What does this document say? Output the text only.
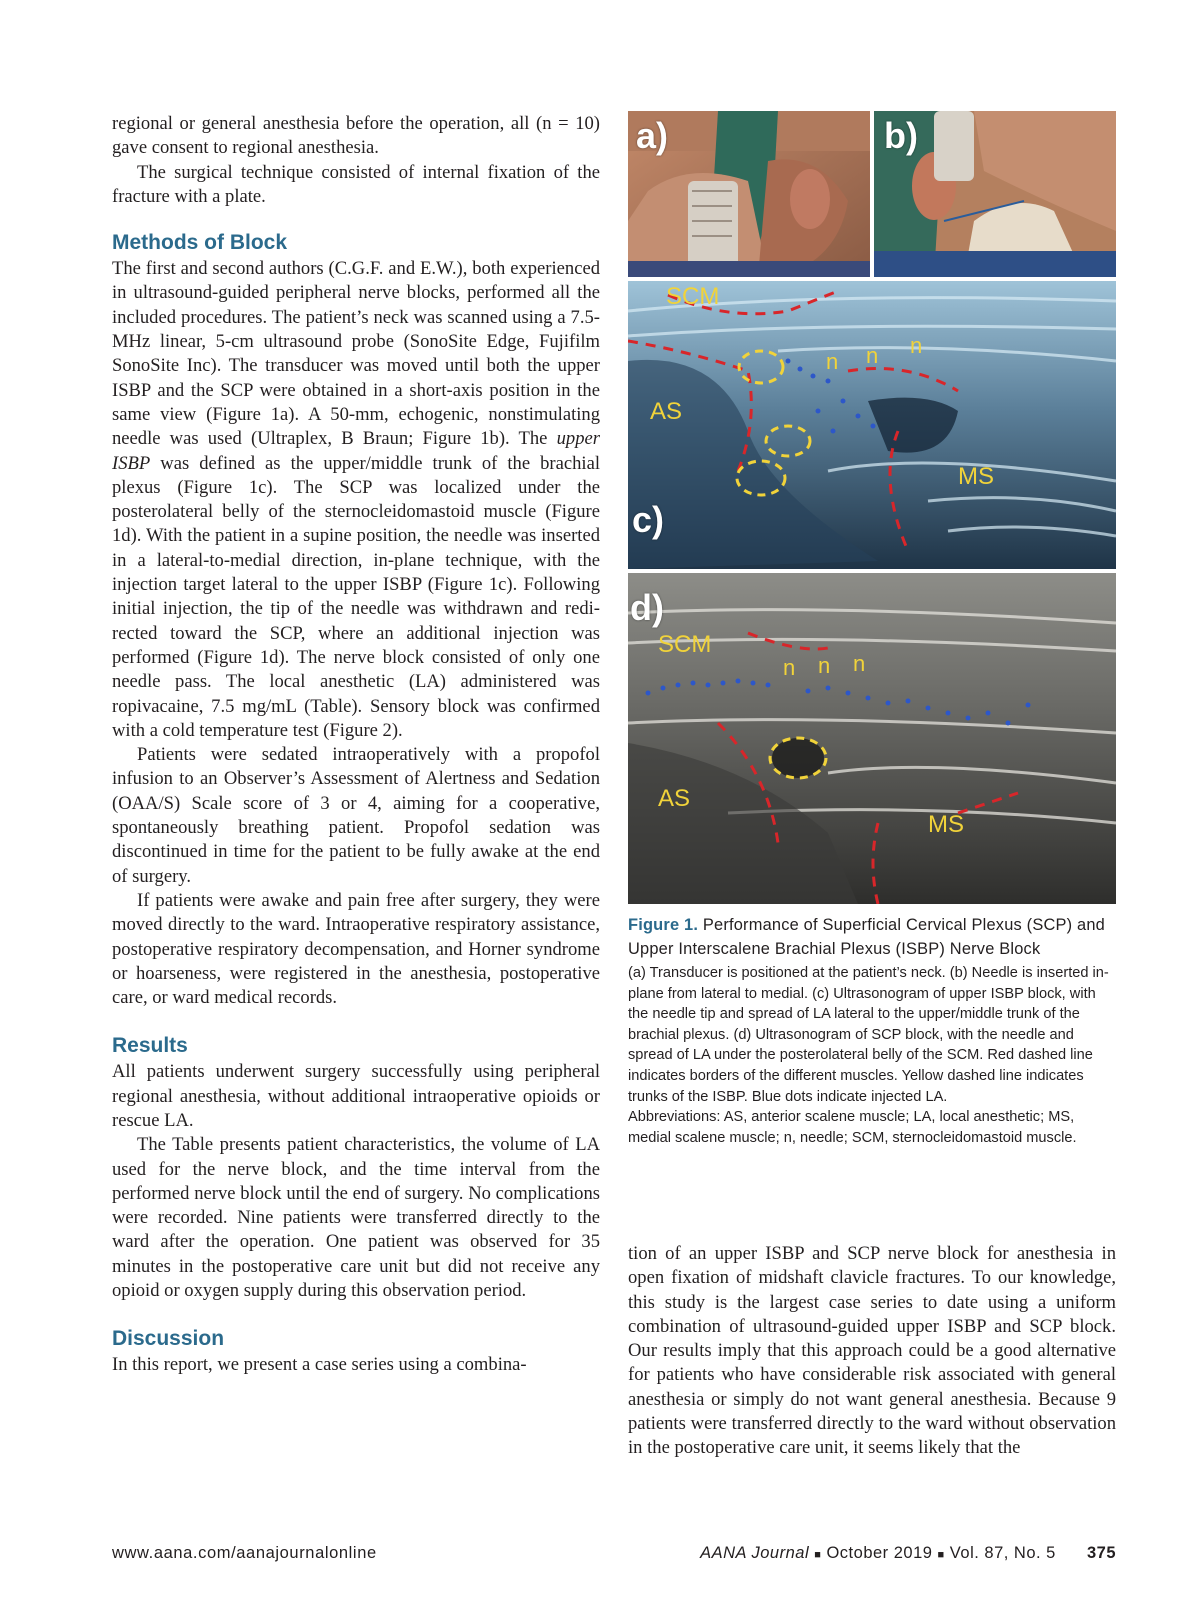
regional or general anesthesia before the operation, all (n = 10) gave consent to regional anesthesia.

The surgical technique consisted of internal fixation of the fracture with a plate.

Methods of Block

The first and second authors (C.G.F. and E.W.), both experienced in ultrasound-guided peripheral nerve blocks, performed all the included procedures. The patient’s neck was scanned using a 7.5-MHz linear, 5-cm ultrasound probe (SonoSite Edge, Fujifilm SonoSite Inc). The transducer was moved until both the upper ISBP and the SCP were obtained in a short-axis position in the same view (Figure 1a). A 50-mm, echogenic, nonstimulating needle was used (Ultraplex, B Braun; Figure 1b). The upper ISBP was defined as the upper/middle trunk of the brachial plexus (Figure 1c). The SCP was localized under the posterolateral belly of the sternocleidomastoid muscle (Figure 1d). With the patient in a supine position, the needle was inserted in a lateral-to-medial direction, in-plane technique, with the injection target lateral to the upper ISBP (Figure 1c). Following initial injection, the tip of the needle was withdrawn and redirected toward the SCP, where an additional injection was performed (Figure 1d). The nerve block consisted of only one needle pass. The local anesthetic (LA) administered was ropivacaine, 7.5 mg/mL (Table). Sensory block was confirmed with a cold temperature test (Figure 2).

Patients were sedated intraoperatively with a propofol infusion to an Observer’s Assessment of Alertness and Sedation (OAA/S) Scale score of 3 or 4, aiming for a cooperative, spontaneously breathing patient. Propofol sedation was discontinued in time for the patient to be fully awake at the end of surgery.

If patients were awake and pain free after surgery, they were moved directly to the ward. Intraoperative respiratory assistance, postoperative respiratory decompensation, and Horner syndrome or hoarseness, were registered in the anesthesia, postoperative care, or ward medical records.

Results

All patients underwent surgery successfully using peripheral regional anesthesia, without additional intraoperative opioids or rescue LA.

The Table presents patient characteristics, the volume of LA used for the nerve block, and the time interval from the performed nerve block until the end of surgery. No complications were recorded. Nine patients were transferred directly to the ward after the operation. One patient was observed for 35 minutes in the postoperative care unit but did not receive any opioid or oxygen supply during this observation period.

Discussion

In this report, we present a case series using a combina-

a)	b)
c)
SCM
AS
MS
n n n
d)
SCM
AS
MS
n n n
Figure 1. Performance of Superficial Cervical Plexus (SCP) and Upper Interscalene Brachial Plexus (ISBP) Nerve Block
(a) Transducer is positioned at the patient’s neck. (b) Needle is inserted in-plane from lateral to medial. (c) Ultrasonogram of upper ISBP block, with the needle tip and spread of LA lateral to the upper/middle trunk of the brachial plexus. (d) Ultrasonogram of SCP block, with the needle and spread of LA under the posterolateral belly of the SCM. Red dashed line indicates borders of the different muscles. Yellow dashed line indicates trunks of the ISBP. Blue dots indicate injected LA.
Abbreviations: AS, anterior scalene muscle; LA, local anesthetic; MS, medial scalene muscle; n, needle; SCM, sternocleidomastoid muscle.

tion of an upper ISBP and SCP nerve block for anesthesia in open fixation of midshaft clavicle fractures. To our knowledge, this study is the largest case series to date using a uniform combination of ultrasound-guided upper ISBP and SCP block. Our results imply that this approach could be a good alternative for patients who have considerable risk associated with general anesthesia or simply do not want general anesthesia. Because 9 patients were transferred directly to the ward without observation in the postoperative care unit, it seems likely that the

www.aana.com/aanajournalonline	AANA Journal ■ October 2019 ■ Vol. 87, No. 5 375
